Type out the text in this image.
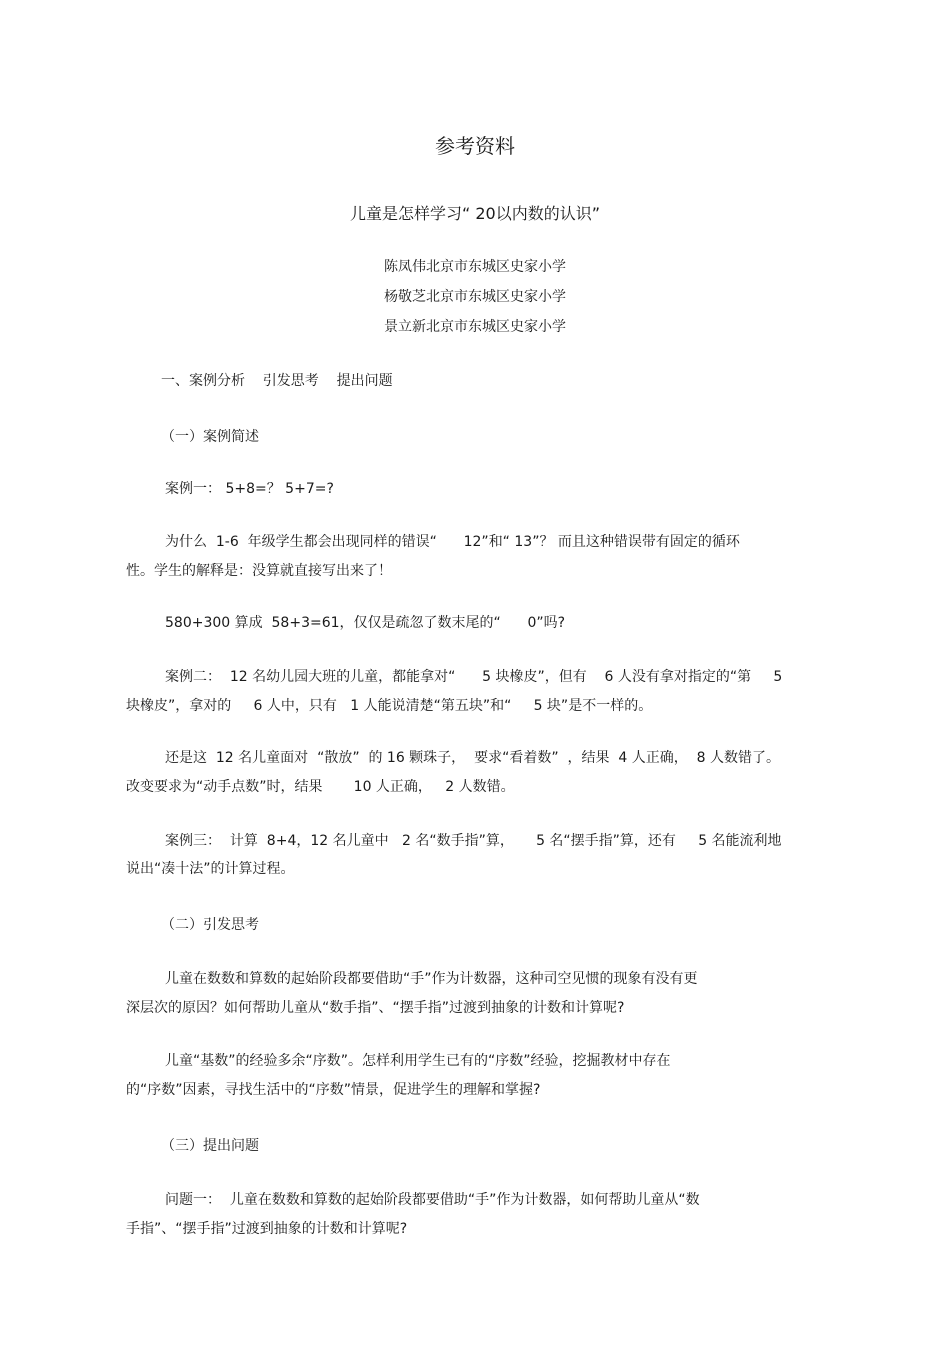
参考资料
儿童是怎样学习“ 20以内数的认识”
陈凤伟北京市东城区史家小学
杨敬芝北京市东城区史家小学
景立新北京市东城区史家小学
一、案例分析    引发思考    提出问题
（一）案例简述
案例一： 5+8=？ 5+7=?
为什么  1-6  年级学生都会出现同样的错误“      12”和“ 13”？ 而且这种错误带有固定的循环
性。学生的解释是：没算就直接写出来了！
580+300 算成  58+3=61，仅仅是疏忽了数末尾的“      0”吗?
案例二：  12 名幼儿园大班的儿童，都能拿对“      5 块橡皮”，但有    6 人没有拿对指定的“第     5
块橡皮”，拿对的     6 人中，只有   1 人能说清楚“第五块”和“     5 块”是不一样的。
还是这  12 名儿童面对  “散放”  的 16 颗珠子，  要求“看着数”  ，结果  4 人正确，  8 人数错了。
改变要求为“动手点数”时，结果       10 人正确，   2 人数错。
案例三：  计算  8+4，12 名儿童中   2 名“数手指”算，     5 名“摆手指”算，还有     5 名能流利地
说出“凑十法”的计算过程。
（二）引发思考
儿童在数数和算数的起始阶段都要借助“手”作为计数器，这种司空见惯的现象有没有更
深层次的原因？如何帮助儿童从“数手指”、“摆手指”过渡到抽象的计数和计算呢?
儿童“基数”的经验多余“序数”。怎样利用学生已有的“序数”经验，挖掘教材中存在
的“序数”因素，寻找生活中的“序数”情景，促进学生的理解和掌握?
（三）提出问题
问题一：  儿童在数数和算数的起始阶段都要借助“手”作为计数器，如何帮助儿童从“数
手指”、“摆手指”过渡到抽象的计数和计算呢?
